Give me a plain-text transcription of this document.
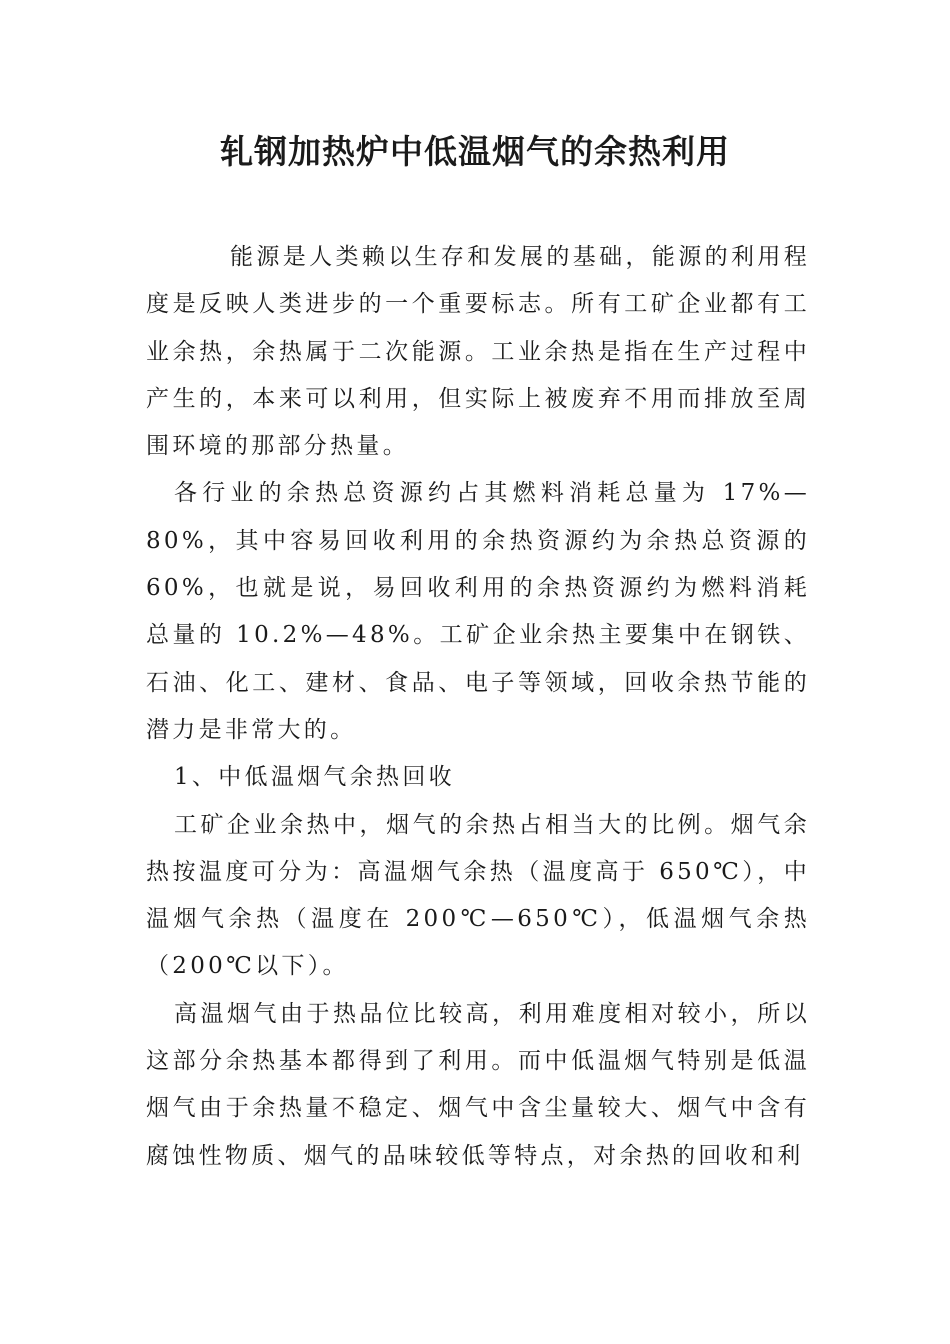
轧钢加热炉中低温烟气的余热利用

能源是人类赖以生存和发展的基础，能源的利用程度是反映人类进步的一个重要标志。所有工矿企业都有工业余热，余热属于二次能源。工业余热是指在生产过程中产生的，本来可以利用，但实际上被废弃不用而排放至周围环境的那部分热量。

各行业的余热总资源约占其燃料消耗总量为 17%—80%，其中容易回收利用的余热资源约为余热总资源的 60%，也就是说，易回收利用的余热资源约为燃料消耗总量的 10.2%—48%。工矿企业余热主要集中在钢铁、石油、化工、建材、食品、电子等领域，回收余热节能的潜力是非常大的。

1、中低温烟气余热回收

工矿企业余热中，烟气的余热占相当大的比例。烟气余热按温度可分为：高温烟气余热（温度高于 650℃），中温烟气余热（温度在 200℃—650℃），低温烟气余热（200℃以下）。

高温烟气由于热品位比较高，利用难度相对较小，所以这部分余热基本都得到了利用。而中低温烟气特别是低温烟气由于余热量不稳定、烟气中含尘量较大、烟气中含有腐蚀性物质、烟气的品味较低等特点，对余热的回收和利
